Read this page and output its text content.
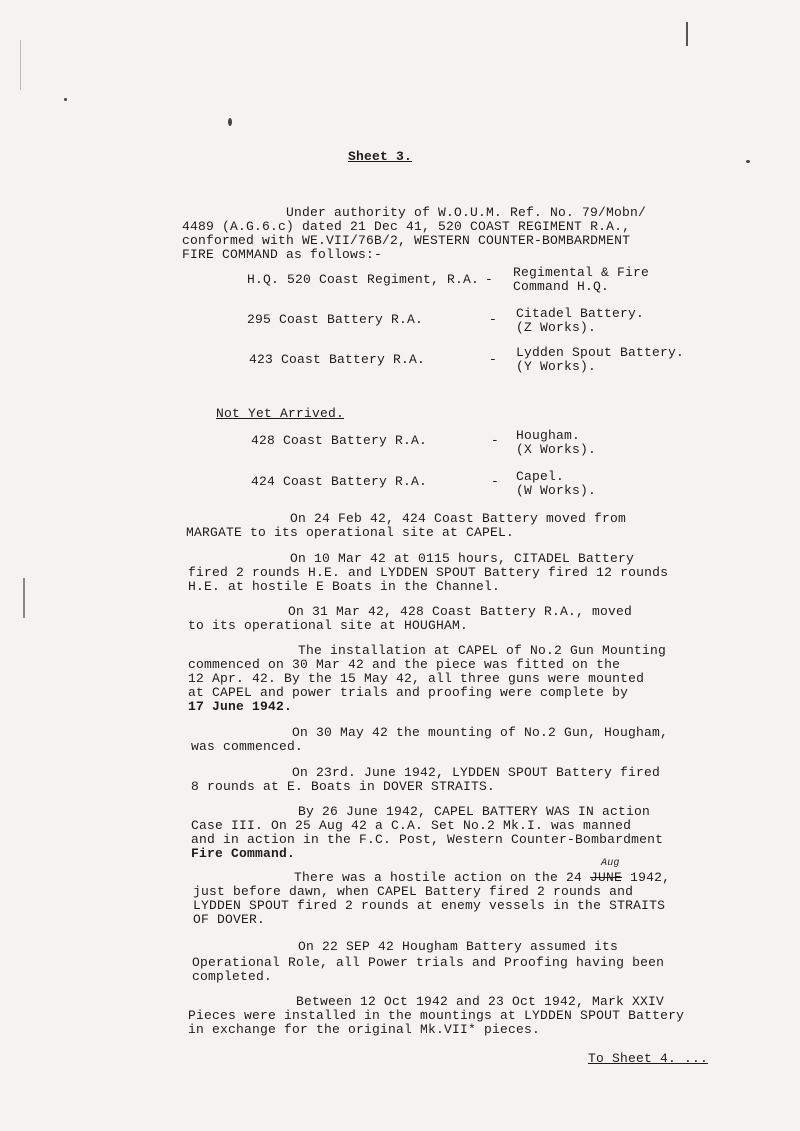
Sheet 3.
Under authority of W.O.U.M. Ref. No. 79/Mobn/
4489 (A.G.6.c) dated 21 Dec 41, 520 COAST REGIMENT R.A.,
conformed with WE.VII/76B/2, WESTERN COUNTER-BOMBARDMENT
FIRE COMMAND as follows:-
H.Q. 520 Coast Regiment, R.A. - Regimental & Fire
Command H.Q.
295 Coast Battery R.A.	- Citadel Battery.
(Z Works).
423 Coast Battery R.A.	- Lydden Spout Battery.
(Y Works).
Not Yet Arrived.
428 Coast Battery R.A.	- Hougham.
(X Works).
424 Coast Battery R.A.	- Capel.
(W Works).
On 24 Feb 42, 424 Coast Battery moved from
MARGATE to its operational site at CAPEL.
On 10 Mar 42 at 0115 hours, CITADEL Battery
fired 2 rounds H.E. and LYDDEN SPOUT Battery fired 12 rounds
H.E. at hostile E Boats in the Channel.
On 31 Mar 42, 428 Coast Battery R.A., moved
to its operational site at HOUGHAM.
The installation at CAPEL of No.2 Gun Mounting
commenced on 30 Mar 42 and the piece was fitted on the
12 Apr. 42. By the 15 May 42, all three guns were mounted
at CAPEL and power trials and proofing were complete by
17 June 1942.
On 30 May 42 the mounting of No.2 Gun, Hougham,
was commenced.
On 23rd. June 1942, LYDDEN SPOUT Battery fired
8 rounds at E. Boats in DOVER STRAITS.
By 26 June 1942, CAPEL BATTERY WAS IN action
Case III. On 25 Aug 42 a C.A. Set No.2 Mk.I. was manned
and in action in the F.C. Post, Western Counter-Bombardment
Fire Command.
Aug
There was a hostile action on the 24 JUNE 1942,
just before dawn, when CAPEL Battery fired 2 rounds and
LYDDEN SPOUT fired 2 rounds at enemy vessels in the STRAITS
OF DOVER.
On 22 SEP 42 Hougham Battery assumed its
Operational Role, all Power trials and Proofing having been
completed.
Between 12 Oct 1942 and 23 Oct 1942, Mark XXIV
Pieces were installed in the mountings at LYDDEN SPOUT Battery
in exchange for the original Mk.VII* pieces.
To Sheet 4. ...
